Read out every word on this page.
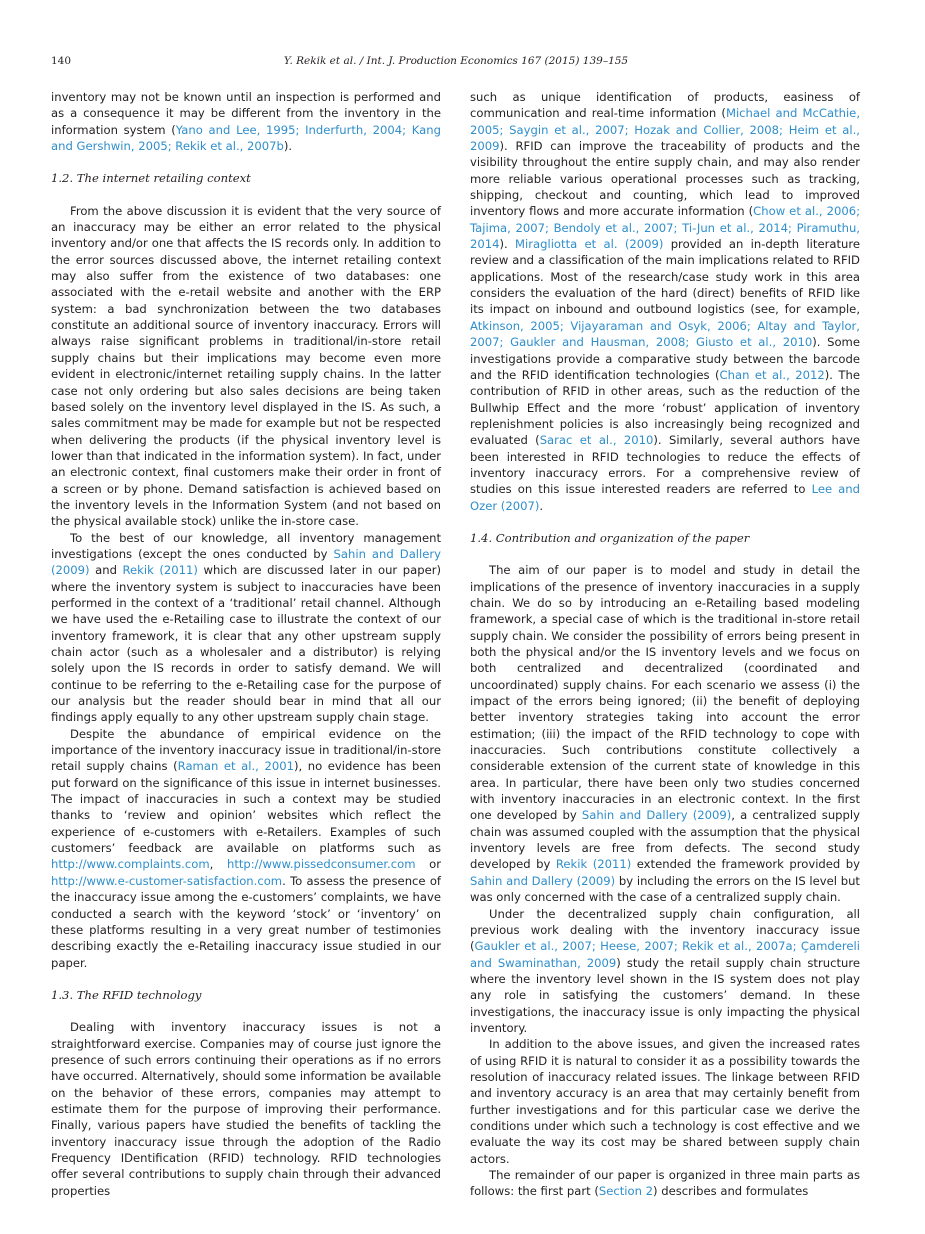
140	Y. Rekik et al. / Int. J. Production Economics 167 (2015) 139–155

inventory may not be known until an inspection is performed and as a consequence it may be different from the inventory in the information system (Yano and Lee, 1995; Inderfurth, 2004; Kang and Gershwin, 2005; Rekik et al., 2007b).

1.2. The internet retailing context

From the above discussion it is evident that the very source of an inaccuracy may be either an error related to the physical inventory and/or one that affects the IS records only. In addition to the error sources discussed above, the internet retailing context may also suffer from the existence of two databases: one associated with the e-retail website and another with the ERP system: a bad synchronization between the two databases constitute an additional source of inventory inaccuracy. Errors will always raise significant problems in traditional/in-store retail supply chains but their implications may become even more evident in electronic/internet retailing supply chains. In the latter case not only ordering but also sales decisions are being taken based solely on the inventory level displayed in the IS. As such, a sales commitment may be made for example but not be respected when delivering the products (if the physical inventory level is lower than that indicated in the information system). In fact, under an electronic context, final customers make their order in front of a screen or by phone. Demand satisfaction is achieved based on the inventory levels in the Information System (and not based on the physical available stock) unlike the in-store case.

To the best of our knowledge, all inventory management investigations (except the ones conducted by Sahin and Dallery (2009) and Rekik (2011) which are discussed later in our paper) where the inventory system is subject to inaccuracies have been performed in the context of a ‘traditional’ retail channel. Although we have used the e-Retailing case to illustrate the context of our inventory framework, it is clear that any other upstream supply chain actor (such as a wholesaler and a distributor) is relying solely upon the IS records in order to satisfy demand. We will continue to be referring to the e-Retailing case for the purpose of our analysis but the reader should bear in mind that all our findings apply equally to any other upstream supply chain stage.

Despite the abundance of empirical evidence on the importance of the inventory inaccuracy issue in traditional/in-store retail supply chains (Raman et al., 2001), no evidence has been put forward on the significance of this issue in internet businesses. The impact of inaccuracies in such a context may be studied thanks to ‘review and opinion’ websites which reflect the experience of e-customers with e-Retailers. Examples of such customers’ feedback are available on platforms such as http://www.complaints.com, http://www.pissedconsumer.com or http://www.e-customer-satisfaction.com. To assess the presence of the inaccuracy issue among the e-customers’ complaints, we have conducted a search with the keyword ‘stock’ or ‘inventory’ on these platforms resulting in a very great number of testimonies describing exactly the e-Retailing inaccuracy issue studied in our paper.

1.3. The RFID technology

Dealing with inventory inaccuracy issues is not a straightforward exercise. Companies may of course just ignore the presence of such errors continuing their operations as if no errors have occurred. Alternatively, should some information be available on the behavior of these errors, companies may attempt to estimate them for the purpose of improving their performance. Finally, various papers have studied the benefits of tackling the inventory inaccuracy issue through the adoption of the Radio Frequency IDentification (RFID) technology. RFID technologies offer several contributions to supply chain through their advanced properties

such as unique identification of products, easiness of communication and real-time information (Michael and McCathie, 2005; Saygin et al., 2007; Hozak and Collier, 2008; Heim et al., 2009). RFID can improve the traceability of products and the visibility throughout the entire supply chain, and may also render more reliable various operational processes such as tracking, shipping, checkout and counting, which lead to improved inventory flows and more accurate information (Chow et al., 2006; Tajima, 2007; Bendoly et al., 2007; Ti-Jun et al., 2014; Piramuthu, 2014). Miragliotta et al. (2009) provided an in-depth literature review and a classification of the main implications related to RFID applications. Most of the research/case study work in this area considers the evaluation of the hard (direct) benefits of RFID like its impact on inbound and outbound logistics (see, for example, Atkinson, 2005; Vijayaraman and Osyk, 2006; Altay and Taylor, 2007; Gaukler and Hausman, 2008; Giusto et al., 2010). Some investigations provide a comparative study between the barcode and the RFID identification technologies (Chan et al., 2012). The contribution of RFID in other areas, such as the reduction of the Bullwhip Effect and the more ‘robust’ application of inventory replenishment policies is also increasingly being recognized and evaluated (Sarac et al., 2010). Similarly, several authors have been interested in RFID technologies to reduce the effects of inventory inaccuracy errors. For a comprehensive review of studies on this issue interested readers are referred to Lee and Ozer (2007).

1.4. Contribution and organization of the paper

The aim of our paper is to model and study in detail the implications of the presence of inventory inaccuracies in a supply chain. We do so by introducing an e-Retailing based modeling framework, a special case of which is the traditional in-store retail supply chain. We consider the possibility of errors being present in both the physical and/or the IS inventory levels and we focus on both centralized and decentralized (coordinated and uncoordinated) supply chains. For each scenario we assess (i) the impact of the errors being ignored; (ii) the benefit of deploying better inventory strategies taking into account the error estimation; (iii) the impact of the RFID technology to cope with inaccuracies. Such contributions constitute collectively a considerable extension of the current state of knowledge in this area. In particular, there have been only two studies concerned with inventory inaccuracies in an electronic context. In the first one developed by Sahin and Dallery (2009), a centralized supply chain was assumed coupled with the assumption that the physical inventory levels are free from defects. The second study developed by Rekik (2011) extended the framework provided by Sahin and Dallery (2009) by including the errors on the IS level but was only concerned with the case of a centralized supply chain.

Under the decentralized supply chain configuration, all previous work dealing with the inventory inaccuracy issue (Gaukler et al., 2007; Heese, 2007; Rekik et al., 2007a; Çamdereli and Swaminathan, 2009) study the retail supply chain structure where the inventory level shown in the IS system does not play any role in satisfying the customers’ demand. In these investigations, the inaccuracy issue is only impacting the physical inventory.

In addition to the above issues, and given the increased rates of using RFID it is natural to consider it as a possibility towards the resolution of inaccuracy related issues. The linkage between RFID and inventory accuracy is an area that may certainly benefit from further investigations and for this particular case we derive the conditions under which such a technology is cost effective and we evaluate the way its cost may be shared between supply chain actors.

The remainder of our paper is organized in three main parts as follows: the first part (Section 2) describes and formulates
